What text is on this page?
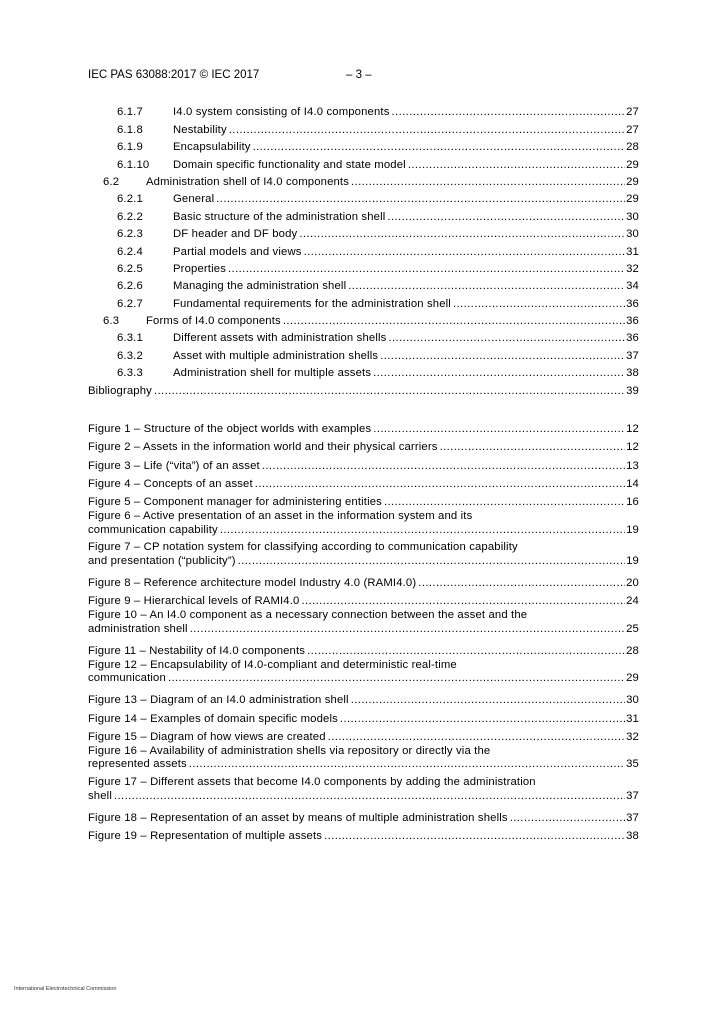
IEC PAS 63088:2017 © IEC 2017	– 3 –
6.1.7	I4.0 system consisting of I4.0 components .....	27
6.1.8	Nestability .....	27
6.1.9	Encapsulability .....	28
6.1.10	Domain specific functionality and state model .....	29
6.2	Administration shell of I4.0 components .....	29
6.2.1	General .....	29
6.2.2	Basic structure of the administration shell .....	30
6.2.3	DF header and DF body .....	30
6.2.4	Partial models and views .....	31
6.2.5	Properties .....	32
6.2.6	Managing the administration shell .....	34
6.2.7	Fundamental requirements for the administration shell .....	36
6.3	Forms of I4.0 components .....	36
6.3.1	Different assets with administration shells .....	36
6.3.2	Asset with multiple administration shells .....	37
6.3.3	Administration shell for multiple assets .....	38
Bibliography .....	39
Figure 1 – Structure of the object worlds with examples .....	12
Figure 2 – Assets in the information world and their physical carriers .....	12
Figure 3 – Life (“vita”) of an asset .....	13
Figure 4 – Concepts of an asset .....	14
Figure 5 – Component manager for administering entities .....	16
Figure 6 – Active presentation of an asset in the information system and its
communication capability .....	19
Figure 7 – CP notation system for classifying according to communication capability
and presentation (“publicity”) .....	19
Figure 8 – Reference architecture model Industry 4.0 (RAMI4.0) .....	20
Figure 9 – Hierarchical levels of RAMI4.0 .....	24
Figure 10 – An I4.0 component as a necessary connection between the asset and the
administration shell .....	25
Figure 11 – Nestability of I4.0 components .....	28
Figure 12 – Encapsulability of I4.0-compliant and deterministic real-time
communication .....	29
Figure 13 – Diagram of an I4.0 administration shell .....	30
Figure 14 – Examples of domain specific models .....	31
Figure 15 – Diagram of how views are created .....	32
Figure 16 – Availability of administration shells via repository or directly via the
represented assets .....	35
Figure 17 – Different assets that become I4.0 components by adding the administration
shell .....	37
Figure 18 – Representation of an asset by means of multiple administration shells .....	37
Figure 19 – Representation of multiple assets .....	38
International Electrotechnical Commission
